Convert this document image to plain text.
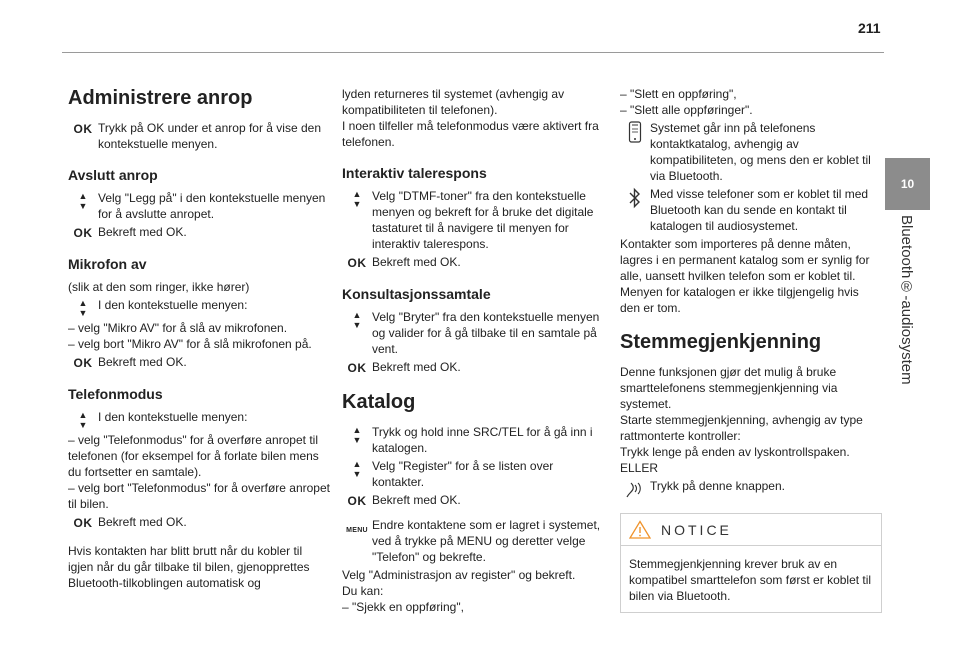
211
10
Bluetooth®-audiosystem
Administrere anrop
OK Trykk på OK under et anrop for å vise den kontekstuelle menyen.
Avslutt anrop
▲
▼
Velg "Legg på" i den kontekstuelle menyen for å avslutte anropet.
OK Bekreft med OK.
Mikrofon av

(slik at den som ringer, ikke hører)

▲
▼
I den kontekstuelle menyen:

– velg "Mikro AV" for å slå av mikrofonen.

– velg bort "Mikro AV" for å slå mikrofonen på.

OK Bekreft med OK.
Telefonmodus
▲
▼
I den kontekstuelle menyen:

– velg "Telefonmodus" for å overføre anropet til telefonen (for eksempel for å forlate bilen mens du fortsetter en samtale).

– velg bort "Telefonmodus" for å overføre anropet til bilen.

OK Bekreft med OK.

Hvis kontakten har blitt brutt når du kobler til igjen når du går tilbake til bilen, gjenopprettes Bluetooth-tilkoblingen automatisk og

lyden returneres til systemet (avhengig av kompatibiliteten til telefonen).

I noen tilfeller må telefonmodus være aktivert fra telefonen.

Interaktiv talerespons
▲
▼
Velg "DTMF-toner" fra den kontekstuelle menyen og bekreft for å bruke det digitale tastaturet til å navigere til menyen for interaktiv talerespons.
OK Bekreft med OK.
Konsultasjonssamtale
▲
▼
Velg "Bryter" fra den kontekstuelle menyen og valider for å gå tilbake til en samtale på vent.
OK Bekreft med OK.
Katalog
▲
▼
Trykk og hold inne SRC/TEL for å gå inn i katalogen.
▲
▼
Velg "Register" for å se listen over kontakter.
OK Bekreft med OK.
MENU Endre kontaktene som er lagret i systemet, ved å trykke på MENU og deretter velge "Telefon" og bekrefte.

Velg "Administrasjon av register" og bekreft.

Du kan:

– "Sjekk en oppføring",

– "Slett en oppføring",

– "Slett alle oppføringer".

Systemet går inn på telefonens kontaktkatalog, avhengig av kompatibiliteten, og mens den er koblet til via Bluetooth.
Med visse telefoner som er koblet til med Bluetooth kan du sende en kontakt til katalogen til audiosystemet.

Kontakter som importeres på denne måten, lagres i en permanent katalog som er synlig for alle, uansett hvilken telefon som er koblet til.

Menyen for katalogen er ikke tilgjengelig hvis den er tom.

Stemmegjenkjenning

Denne funksjonen gjør det mulig å bruke smarttelefonens stemmegjenkjenning via systemet.

Starte stemmegjenkjenning, avhengig av type rattmonterte kontroller:

Trykk lenge på enden av lyskontrollspaken.

ELLER

Trykk på denne knappen.
NOTICE
Stemmegjenkjenning krever bruk av en kompatibel smarttelefon som først er koblet til bilen via Bluetooth.
